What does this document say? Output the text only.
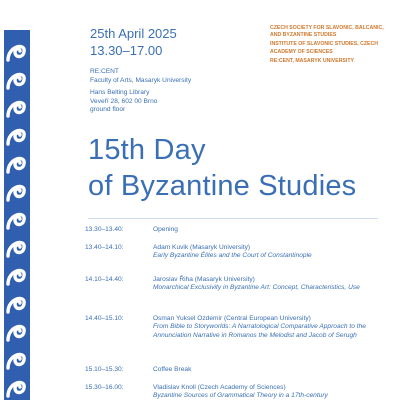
25th April 2025
13.30–17.00
CZECH SOCIETY FOR SLAVONIC, BALCANIC, AND BYZANTINE STUDIES
INSTITUTE OF SLAVONIC STUDIES, CZECH ACADEMY OF SCIENCES
RE:CENT, MASARYK UNIVERSITY
RE:CENT
Faculty of Arts, Masaryk University
Hans Belting Library
Veveří 28, 602 00 Brno
ground floor
15th Day
of Byzantine Studies
13.30–13.40:	Opening
13.40–14.10:	Adam Kuvik (Masaryk University)
Early Byzantine Élites and the Court of Constantinople
14.10–14.40:	Jaroslav Řiha (Masaryk University)
Monarchical Exclusivity in Byzantine Art: Concept, Characteristics, Use
14.40–15.10:	Osman Yuksel Ozdemir (Central European University)
From Bible to Storyworlds: A Narratological Comparative Approach to the Annunciation Narrative in Romanos the Melodist and Jacob of Serugh
15.10–15.30:	Coffee Break
15.30–16.00:	Vladislav Knoll (Czech Academy of Sciences)
Byzantine Sources of Grammatical Theory in a 17th-century
